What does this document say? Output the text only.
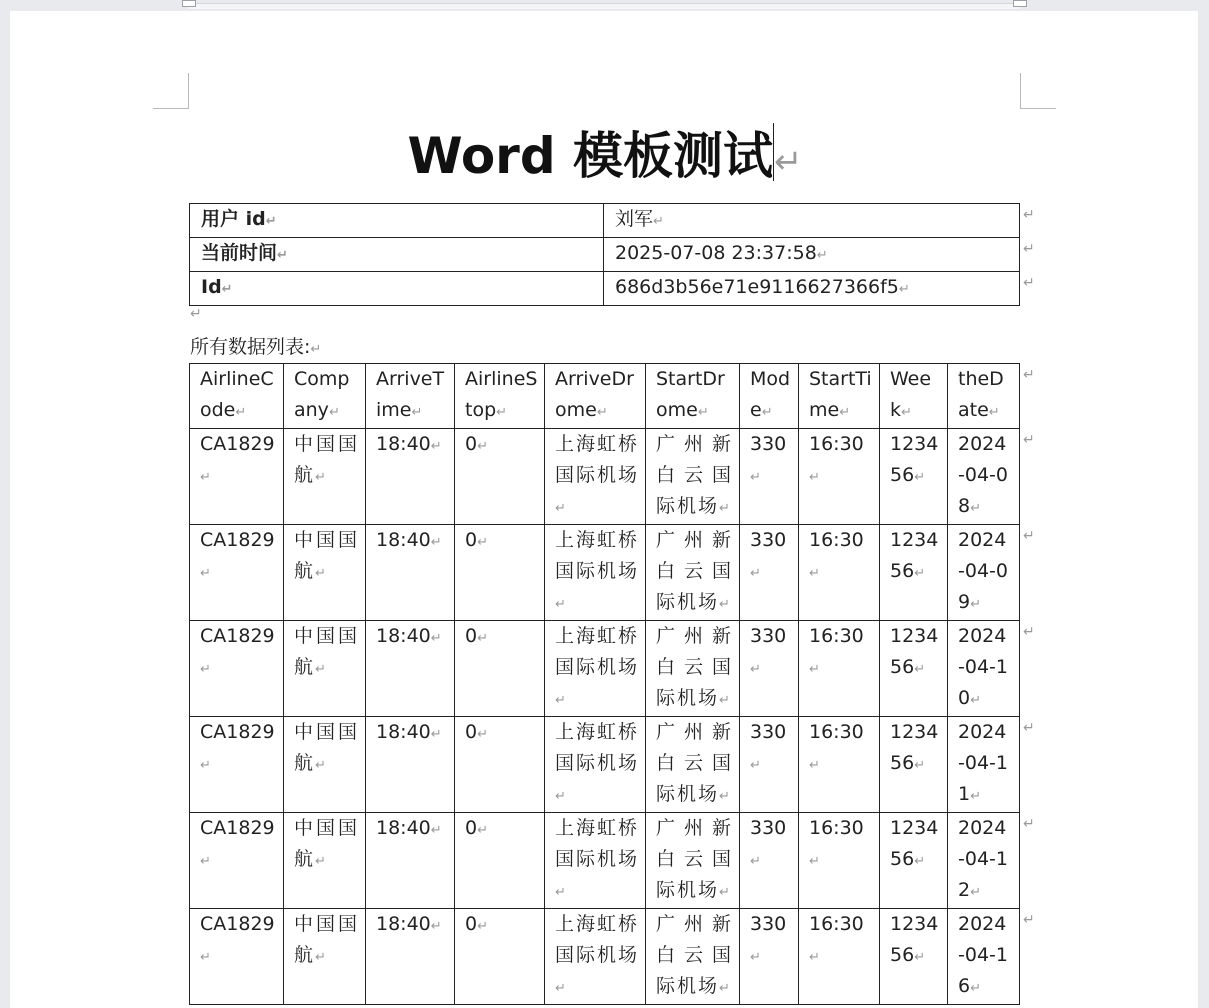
Word 模板测试↵
用户 id↵	刘军↵
当前时间↵	2025-07-08 23:37:58↵
Id↵	686d3b56e71e9116627366f5↵
↵
所有数据列表:↵
AirlineCode↵	Company↵	ArriveTime↵	AirlineStop↵	ArriveDrome↵	StartDrome↵	Mode↵	StartTime↵	Week↵	theDate↵
CA1829↵	中国国航↵	18:40↵	0↵	上海虹桥国际机场↵	广州新白云国际机场↵	330↵	16:30↵	123456↵	2024-04-08↵
CA1829↵	中国国航↵	18:40↵	0↵	上海虹桥国际机场↵	广州新白云国际机场↵	330↵	16:30↵	123456↵	2024-04-09↵
CA1829↵	中国国航↵	18:40↵	0↵	上海虹桥国际机场↵	广州新白云国际机场↵	330↵	16:30↵	123456↵	2024-04-10↵
CA1829↵	中国国航↵	18:40↵	0↵	上海虹桥国际机场↵	广州新白云国际机场↵	330↵	16:30↵	123456↵	2024-04-11↵
CA1829↵	中国国航↵	18:40↵	0↵	上海虹桥国际机场↵	广州新白云国际机场↵	330↵	16:30↵	123456↵	2024-04-12↵
CA1829↵	中国国航↵	18:40↵	0↵	上海虹桥国际机场↵	广州新白云国际机场↵	330↵	16:30↵	123456↵	2024-04-16↵
↵
↵
↵
↵
↵
↵
↵
↵
↵
↵
